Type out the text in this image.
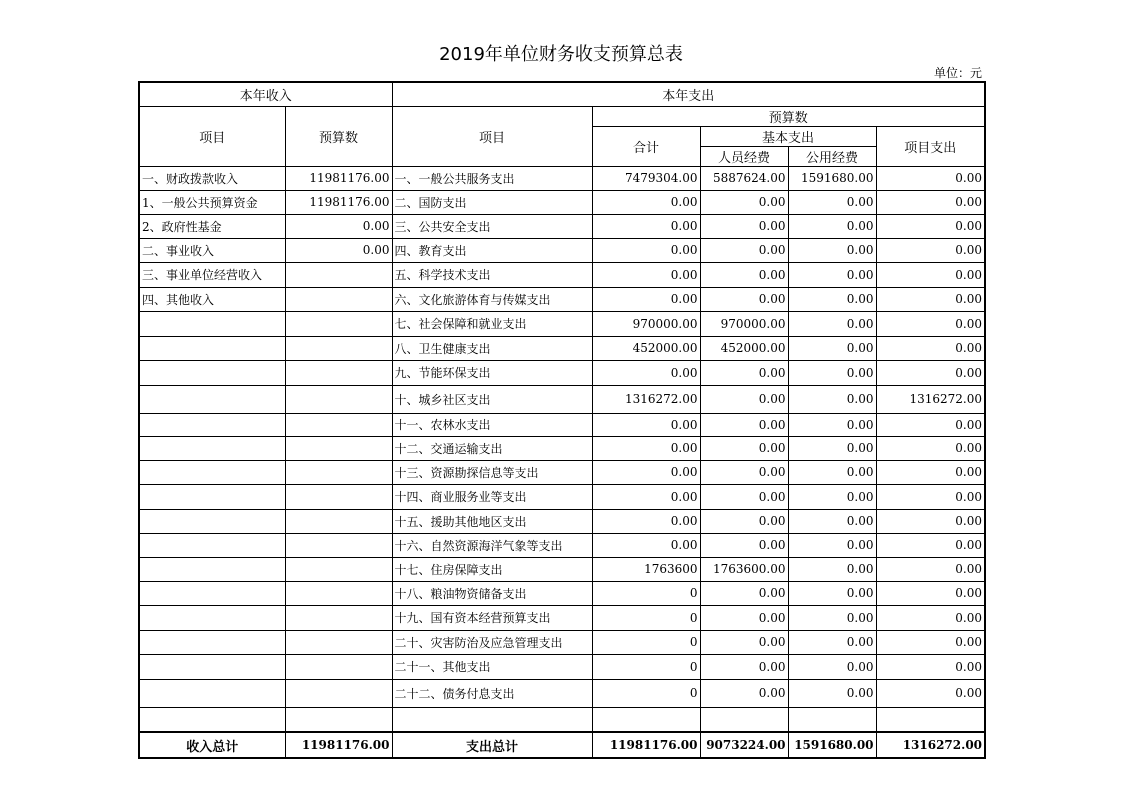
2019年单位财务收支预算总表
单位：元
本年收入		本年支出				
项目	预算数	项目	预算数			
			合计	基本支出		项目支出
				人员经费	公用经费	
一、财政拨款收入	11981176.00	一、一般公共服务支出	7479304.00	5887624.00	1591680.00	0.00
1、一般公共预算资金	11981176.00	二、国防支出	0.00	0.00	0.00	0.00
2、政府性基金	0.00	三、公共安全支出	0.00	0.00	0.00	0.00
二、事业收入	0.00	四、教育支出	0.00	0.00	0.00	0.00
三、事业单位经营收入		五、科学技术支出	0.00	0.00	0.00	0.00
四、其他收入		六、文化旅游体育与传媒支出	0.00	0.00	0.00	0.00
		七、社会保障和就业支出	970000.00	970000.00	0.00	0.00
		八、卫生健康支出	452000.00	452000.00	0.00	0.00
		九、节能环保支出	0.00	0.00	0.00	0.00
		十、城乡社区支出	1316272.00	0.00	0.00	1316272.00
		十一、农林水支出	0.00	0.00	0.00	0.00
		十二、交通运输支出	0.00	0.00	0.00	0.00
		十三、资源勘探信息等支出	0.00	0.00	0.00	0.00
		十四、商业服务业等支出	0.00	0.00	0.00	0.00
		十五、援助其他地区支出	0.00	0.00	0.00	0.00
		十六、自然资源海洋气象等支出	0.00	0.00	0.00	0.00
		十七、住房保障支出	1763600	1763600.00	0.00	0.00
		十八、粮油物资储备支出	0	0.00	0.00	0.00
		十九、国有资本经营预算支出	0	0.00	0.00	0.00
		二十、灾害防治及应急管理支出	0	0.00	0.00	0.00
		二十一、其他支出	0	0.00	0.00	0.00
		二十二、债务付息支出	0	0.00	0.00	0.00

收入总计	11981176.00	支出总计	11981176.00	9073224.00	1591680.00	1316272.00
